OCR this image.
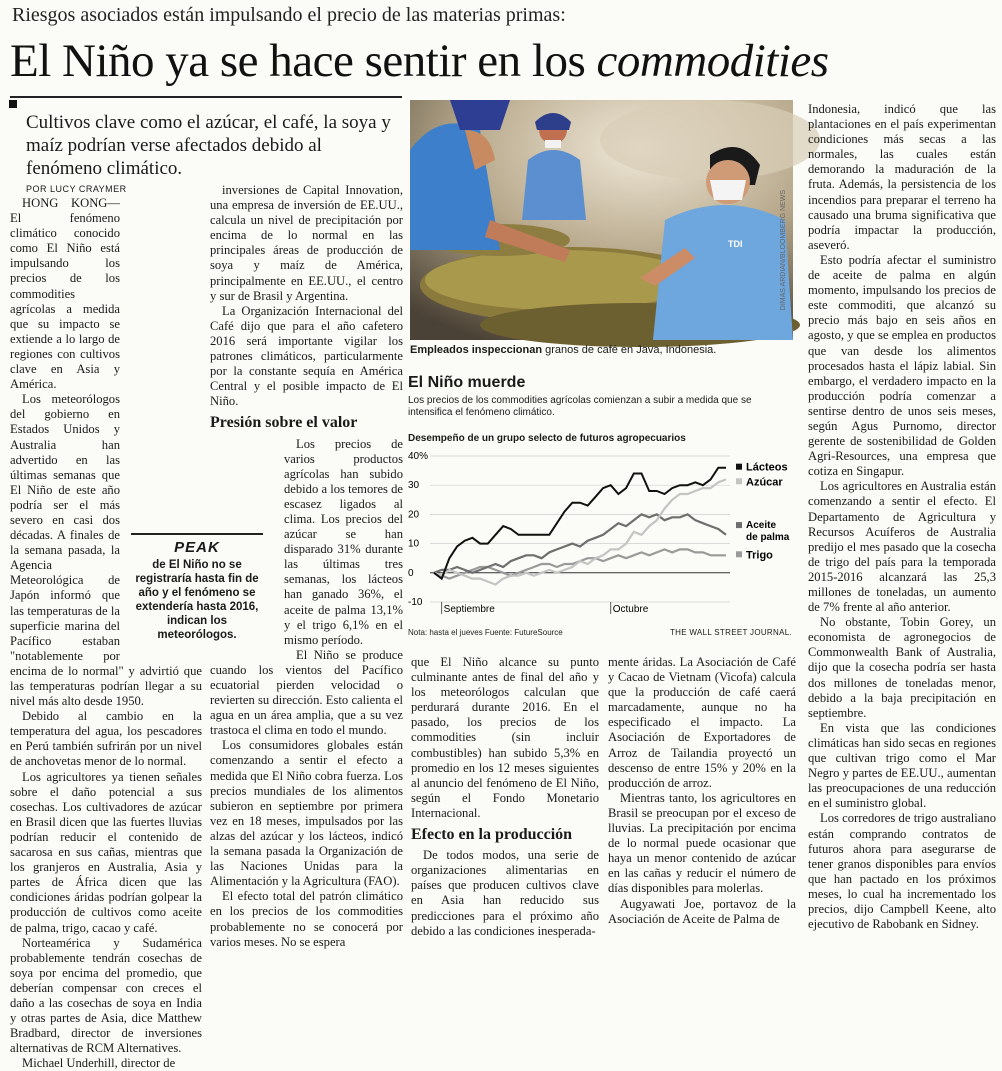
Riesgos asociados están impulsando el precio de las materias primas:
El Niño ya se hace sentir en los commodities
Cultivos clave como el azúcar, el café, la soya y maíz podrían verse afectados debido al fenómeno climático.
POR LUCY CRAYMER

HONG KONG—El fenómeno climático conocido como El Niño está impulsando los precios de los commodities agrícolas a medida que su impacto se extiende a lo largo de regiones con cultivos clave en Asia y América.

Los meteorólogos del gobierno en Estados Unidos y Australia han advertido en las últimas semanas que El Niño de este año podría ser el más severo en casi dos décadas. A finales de la semana pasada, la Agencia Meteorológica de Japón informó que las temperaturas de la superficie marina del Pacífico estaban "notablemente por encima de lo normal" y advirtió que las temperaturas podrían llegar a su nivel más alto desde 1950.

Debido al cambio en la temperatura del agua, los pescadores en Perú también sufrirán por un nivel de anchovetas menor de lo normal.

Los agricultores ya tienen señales sobre el daño potencial a sus cosechas. Los cultivadores de azúcar en Brasil dicen que las fuertes lluvias podrían reducir el contenido de sacarosa en sus cañas, mientras que los granjeros en Australia, Asia y partes de África dicen que las condiciones áridas podrían golpear la producción de cultivos como aceite de palma, trigo, cacao y café.

Norteamérica y Sudamérica probablemente tendrán cosechas de soya por encima del promedio, que deberían compensar con creces el daño a las cosechas de soya en India y otras partes de Asia, dice Matthew Bradbard, director de inversiones alternativas de RCM Alternatives.

Michael Underhill, director de

inversiones de Capital Innovation, una empresa de inversión de EE.UU., calcula un nivel de precipitación por encima de lo normal en las principales áreas de producción de soya y maíz de América, principalmente en EE.UU., el centro y sur de Brasil y Argentina.

La Organización Internacional del Café dijo que para el año cafetero 2016 será importante vigilar los patrones climáticos, particularmente por la constante sequía en América Central y el posible impacto de El Niño.

Presión sobre el valor

Los precios de varios productos agrícolas han subido debido a los temores de escasez ligados al clima. Los precios del azúcar se han disparado 31% durante las últimas tres semanas, los lácteos han ganado 36%, el aceite de palma 13,1% y el trigo 6,1% en el mismo período.

El Niño se produce cuando los vientos del Pacífico ecuatorial pierden velocidad o revierten su dirección. Esto calienta el agua en un área amplia, que a su vez trastoca el clima en todo el mundo.

Los consumidores globales están comenzando a sentir el efecto a medida que El Niño cobra fuerza. Los precios mundiales de los alimentos subieron en septiembre por primera vez en 18 meses, impulsados por las alzas del azúcar y los lácteos, indicó la semana pasada la Organización de las Naciones Unidas para la Alimentación y la Agricultura (FAO).

El efecto total del patrón climático en los precios de los commodities probablemente no se conocerá por varios meses. No se espera

PEAK
de El Niño no se registraría hasta fin de año y el fenómeno se extendería hasta 2016, indican los meteorólogos.
TDI	DIMAS ARDIAN/BLOOMBERG NEWS
Empleados inspeccionan granos de café en Java, Indonesia.
El Niño muerde
Los precios de los commodities agrícolas comienzan a subir a medida que se intensifica el fenómeno climático.
Desempeño de un grupo selecto de futuros agropecuarios
40%
30
20
10
0
-10
Septiembre	Octubre
Lácteos
Azúcar
Aceite
de palma
Trigo
Nota: hasta el jueves Fuente: FutureSource	THE WALL STREET JOURNAL.

que El Niño alcance su punto culminante antes de final del año y los meteorólogos calculan que perdurará durante 2016. En el pasado, los precios de los commodities (sin incluir combustibles) han subido 5,3% en promedio en los 12 meses siguientes al anuncio del fenómeno de El Niño, según el Fondo Monetario Internacional.

Efecto en la producción

De todos modos, una serie de organizaciones alimentarias en países que producen cultivos clave en Asia han reducido sus predicciones para el próximo año debido a las condiciones inesperada-

mente áridas. La Asociación de Café y Cacao de Vietnam (Vicofa) calcula que la producción de café caerá marcadamente, aunque no ha especificado el impacto. La Asociación de Exportadores de Arroz de Tailandia proyectó un descenso de entre 15% y 20% en la producción de arroz.

Mientras tanto, los agricultores en Brasil se preocupan por el exceso de lluvias. La precipitación por encima de lo normal puede ocasionar que haya un menor contenido de azúcar en las cañas y reducir el número de días disponibles para molerlas.

Augyawati Joe, portavoz de la Asociación de Aceite de Palma de

Indonesia, indicó que las plantaciones en el país experimentan condiciones más secas a las normales, las cuales están demorando la maduración de la fruta. Además, la persistencia de los incendios para preparar el terreno ha causado una bruma significativa que podría impactar la producción, aseveró.

Esto podría afectar el suministro de aceite de palma en algún momento, impulsando los precios de este commoditi, que alcanzó su precio más bajo en seis años en agosto, y que se emplea en productos que van desde los alimentos procesados hasta el lápiz labial. Sin embargo, el verdadero impacto en la producción podría comenzar a sentirse dentro de unos seis meses, según Agus Purnomo, director gerente de sostenibilidad de Golden Agri-Resources, una empresa que cotiza en Singapur.

Los agricultores en Australia están comenzando a sentir el efecto. El Departamento de Agricultura y Recursos Acuíferos de Australia predijo el mes pasado que la cosecha de trigo del país para la temporada 2015-2016 alcanzará las 25,3 millones de toneladas, un aumento de 7% frente al año anterior.

No obstante, Tobin Gorey, un economista de agronegocios de Commonwealth Bank of Australia, dijo que la cosecha podría ser hasta dos millones de toneladas menor, debido a la baja precipitación en septiembre.

En vista que las condiciones climáticas han sido secas en regiones que cultivan trigo como el Mar Negro y partes de EE.UU., aumentan las preocupaciones de una reducción en el suministro global.

Los corredores de trigo australiano están comprando contratos de futuros ahora para asegurarse de tener granos disponibles para envíos que han pactado en los próximos meses, lo cual ha incrementado los precios, dijo Campbell Keene, alto ejecutivo de Rabobank en Sidney.
